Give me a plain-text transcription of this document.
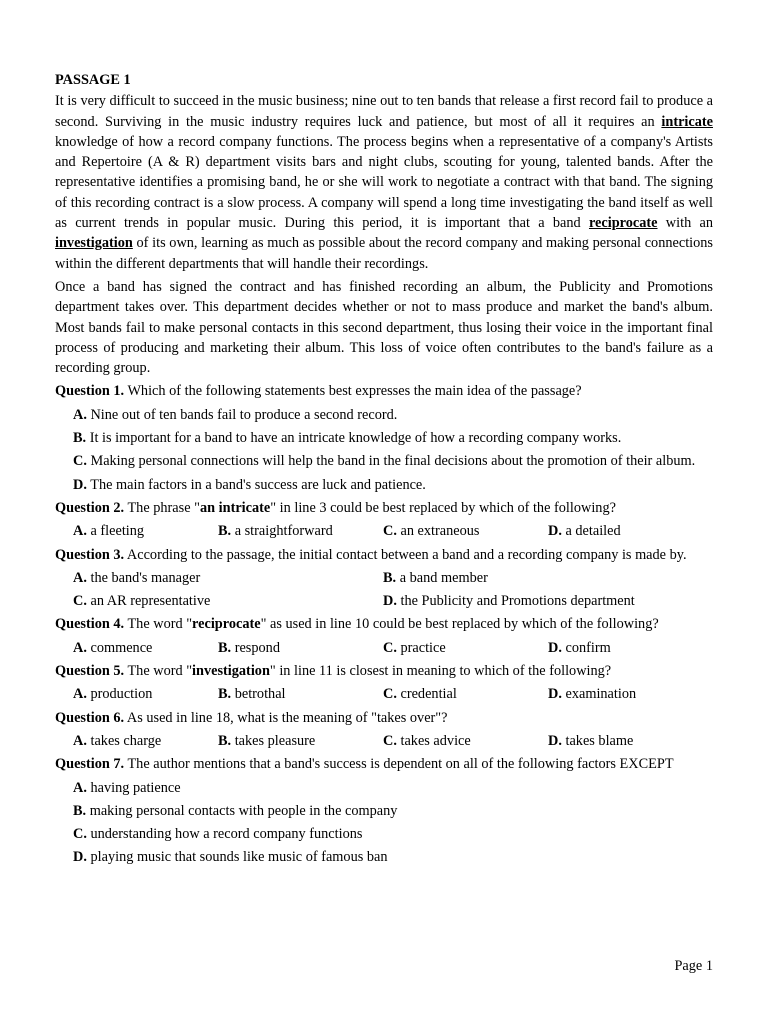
PASSAGE 1

It is very difficult to succeed in the music business; nine out to ten bands that release a first record fail to produce a second. Surviving in the music industry requires luck and patience, but most of all it requires an intricate knowledge of how a record company functions. The process begins when a representative of a company's Artists and Repertoire (A & R) department visits bars and night clubs, scouting for young, talented bands. After the representative identifies a promising band, he or she will work to negotiate a contract with that band. The signing of this recording contract is a slow process. A company will spend a long time investigating the band itself as well as current trends in popular music. During this period, it is important that a band reciprocate with an investigation of its own, learning as much as possible about the record company and making personal connections within the different departments that will handle their recordings.

Once a band has signed the contract and has finished recording an album, the Publicity and Promotions department takes over. This department decides whether or not to mass produce and market the band's album. Most bands fail to make personal contacts in this second department, thus losing their voice in the important final process of producing and marketing their album. This loss of voice often contributes to the band's failure as a recording group.

Question 1. Which of the following statements best expresses the main idea of the passage?
A. Nine out of ten bands fail to produce a second record.
B. It is important for a band to have an intricate knowledge of how a recording company works.
C. Making personal connections will help the band in the final decisions about the promotion of their album.
D. The main factors in a band's success are luck and patience.
Question 2. The phrase "an intricate" in line 3 could be best replaced by which of the following?
A. a fleeting	B. a straightforward	C. an extraneous	D. a detailed
Question 3. According to the passage, the initial contact between a band and a recording company is made by.
A. the band's manager	B. a band member
C. an AR representative	D. the Publicity and Promotions department
Question 4. The word "reciprocate" as used in line 10 could be best replaced by which of the following?
A. commence	B. respond	C. practice	D. confirm
Question 5. The word "investigation" in line 11 is closest in meaning to which of the following?
A. production	B. betrothal	C. credential	D. examination
Question 6. As used in line 18, what is the meaning of "takes over"?
A. takes charge	B. takes pleasure	C. takes advice	D. takes blame
Question 7. The author mentions that a band's success is dependent on all of the following factors EXCEPT
A. having patience
B. making personal contacts with people in the company
C. understanding how a record company functions
D. playing music that sounds like music of famous ban
Page 1
